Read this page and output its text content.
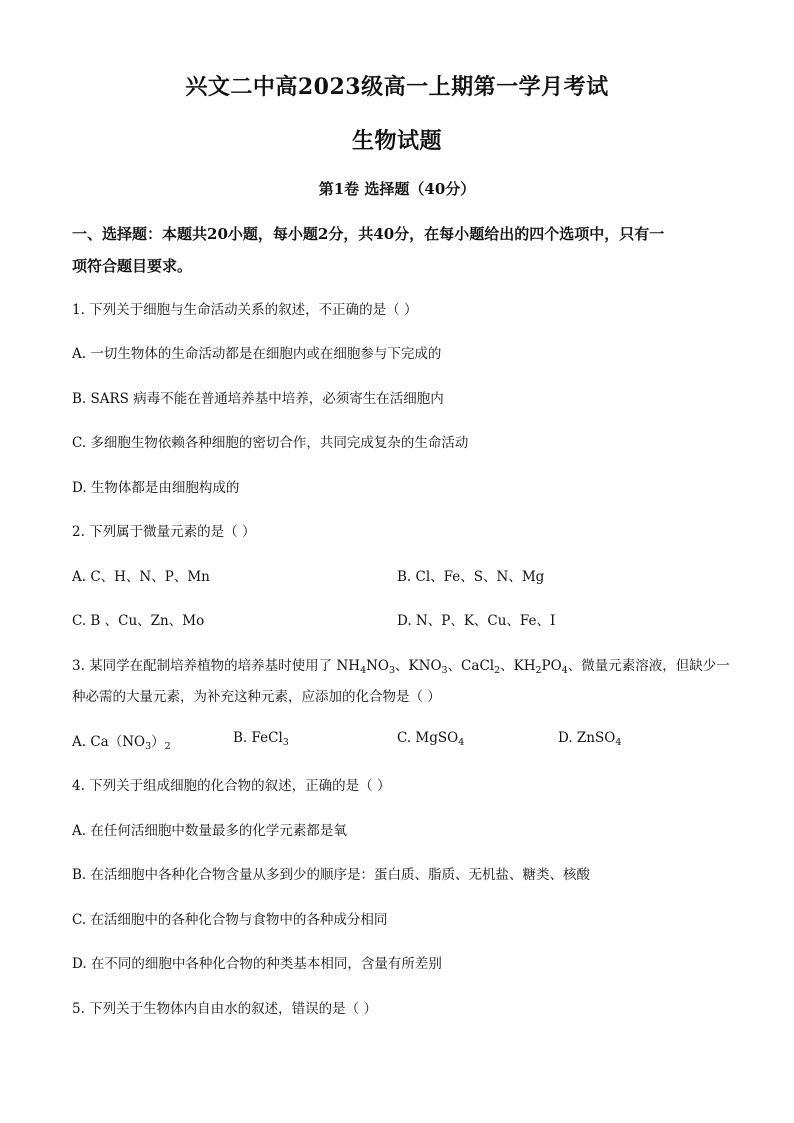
兴文二中高2023级高一上期第一学月考试
生物试题
第1卷 选择题（40分）
一、选择题：本题共20小题，每小题2分，共40分，在每小题给出的四个选项中，只有一
项符合题目要求。
1. 下列关于细胞与生命活动关系的叙述，不正确的是（ ）
A. 一切生物体的生命活动都是在细胞内或在细胞参与下完成的
B. SARS 病毒不能在普通培养基中培养，必须寄生在活细胞内
C. 多细胞生物依赖各种细胞的密切合作，共同完成复杂的生命活动
D. 生物体都是由细胞构成的
2. 下列属于微量元素的是（ ）
A. C、H、N、P、Mn	B. Cl、Fe、S、N、Mg
C. B 、Cu、Zn、Mo	D. N、P、K、Cu、Fe、I
3. 某同学在配制培养植物的培养基时使用了 $NH_4NO_3$、$KNO_3$、CaCl$_2$、$KH_2PO_4$、微量元素溶液，但缺少一
种必需的大量元素，为补充这种元素，应添加的化合物是（ ）
A. $Ca(NO_3)_2$
B. FeCl$_3$	C. MgSO$_4$	D. ZnSO$_4$
4. 下列关于组成细胞的化合物的叙述，正确的是（ ）
A. 在任何活细胞中数量最多的化学元素都是氧
B. 在活细胞中各种化合物含量从多到少的顺序是：蛋白质、脂质、无机盐、糖类、核酸
C. 在活细胞中的各种化合物与食物中的各种成分相同
D. 在不同的细胞中各种化合物的种类基本相同，含量有所差别
5. 下列关于生物体内自由水的叙述，错误的是（ ）
